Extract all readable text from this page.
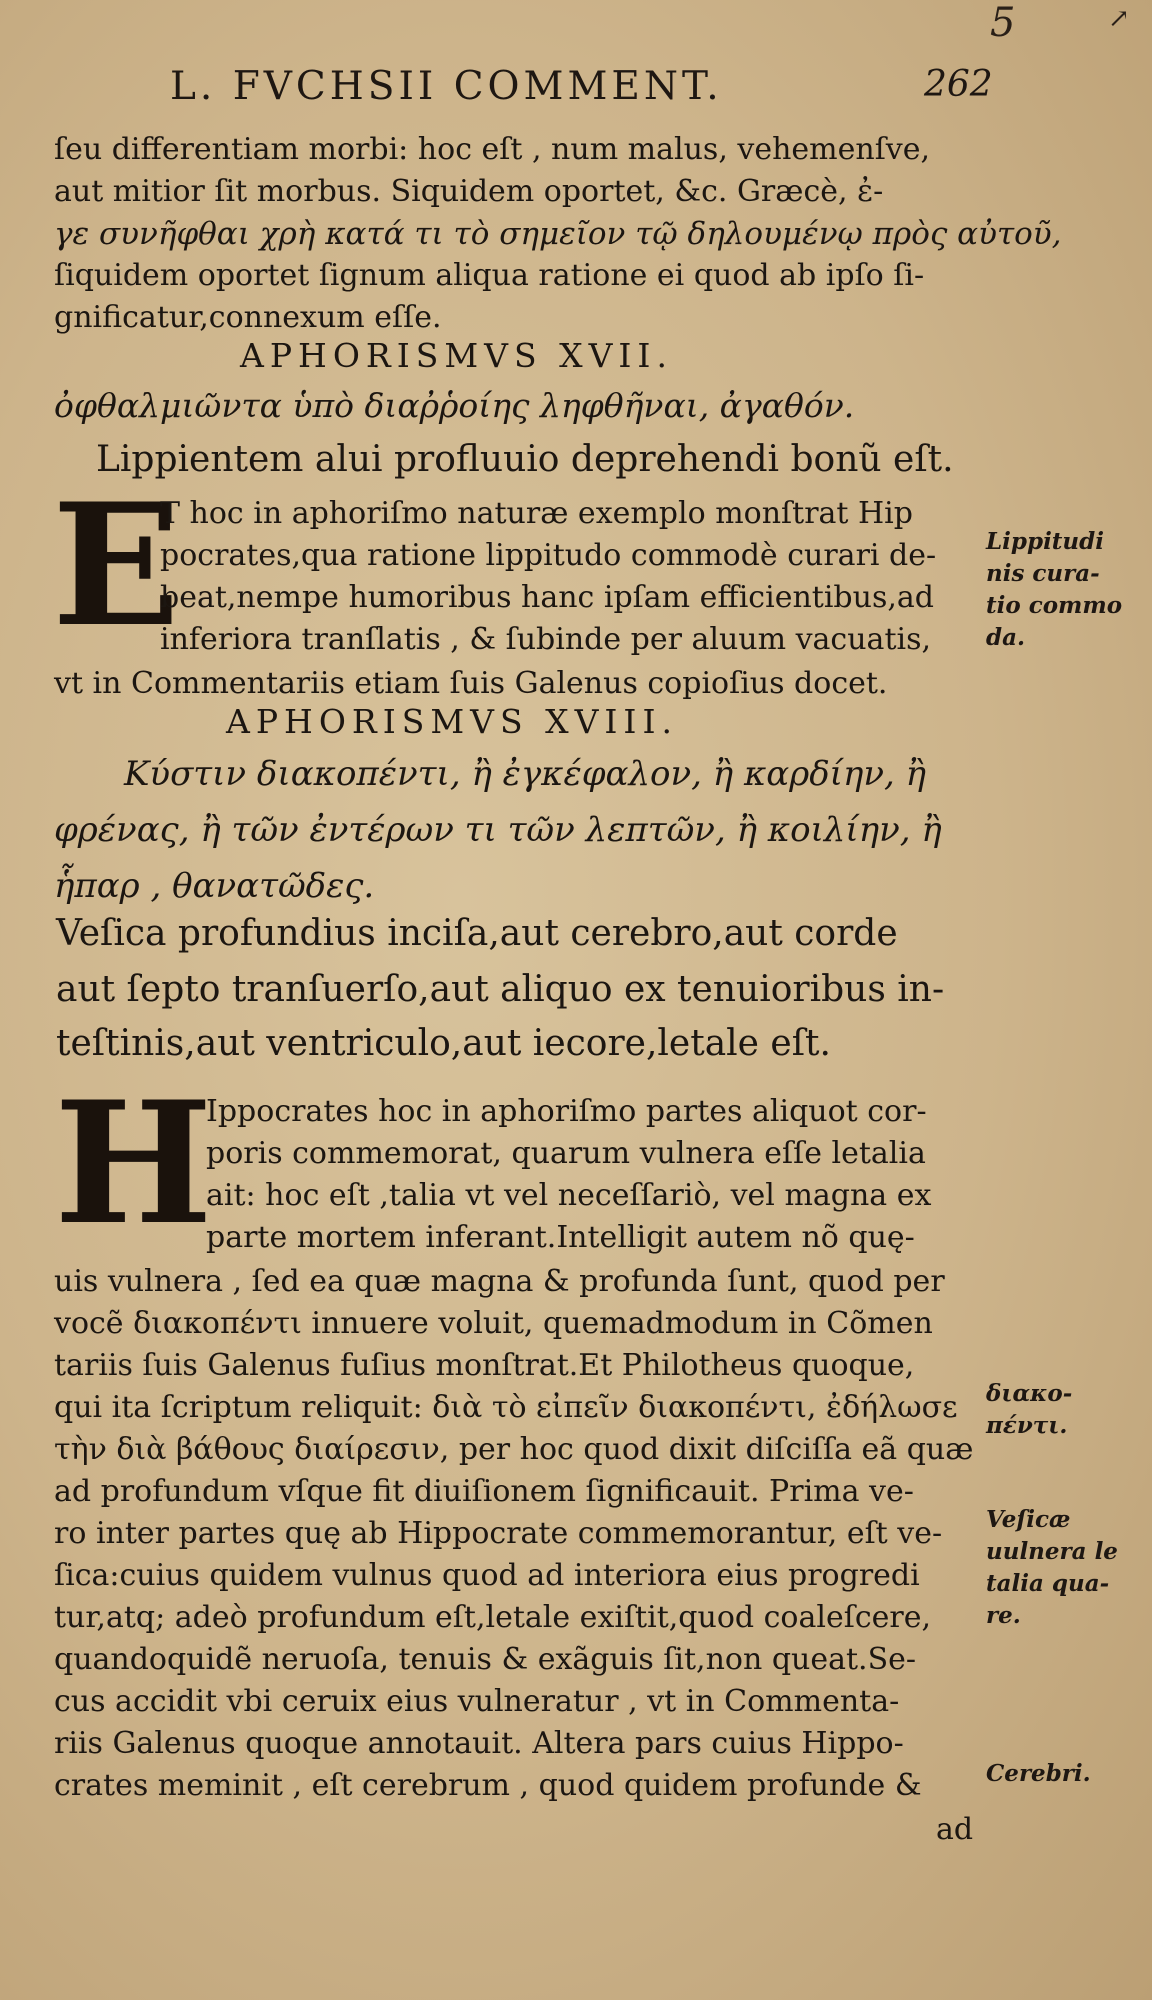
5	↗
L. FVCHSII COMMENT.	262
ſeu differentiam morbi: hoc eſt , num malus, vehemenſve,
aut mitior ſit morbus. Siquidem oportet, &c. Græcè, ἐ-
γε συνῆφθαι χρὴ κατά τι τὸ σημεῖον τῷ δηλουμένῳ πρὸς αὐτοῦ,
ſiquidem oportet ſignum aliqua ratione ei quod ab ipſo ſi-
gnificatur,connexum eſſe.
APHORISMVS XVII.
ὀφθαλμιῶντα ὑπὸ διαῤῥοίης ληφθῆναι, ἀγαθόν.
Lippientem alui profluuio deprehendi bonũ eſt.
E
T hoc in aphoriſmo naturæ exemplo monſtrat Hip
pocrates,qua ratione lippitudo commodè curari de-
beat,nempe humoribus hanc ipſam efficientibus,ad
inferiora tranſlatis , & ſubinde per aluum vacuatis,
vt in Commentariis etiam ſuis Galenus copioſius docet.
APHORISMVS XVIII.
Κύστιν διακοπέντι, ἢ ἐγκέφαλον, ἢ καρδίην, ἢ
φρένας, ἢ τῶν ἐντέρων τι τῶν λεπτῶν, ἢ κοιλίην, ἢ
ἧπαρ , θανατῶδες.
Veſica profundius inciſa,aut cerebro,aut corde
aut ſepto tranſuerſo,aut aliquo ex tenuioribus in-
teſtinis,aut ventriculo,aut iecore,letale eſt.
H
Ippocrates hoc in aphoriſmo partes aliquot cor-
poris commemorat, quarum vulnera eſſe letalia
ait: hoc eſt ,talia vt vel neceſſariò, vel magna ex
parte mortem inferant.Intelligit autem nõ quę-
uis vulnera , ſed ea quæ magna & profunda ſunt, quod per
vocẽ διακοπέντι innuere voluit, quemadmodum in Cõmen
tariis ſuis Galenus fuſius monſtrat.Et Philotheus quoque,
qui ita ſcriptum reliquit: διὰ τὸ εἰπεῖν διακοπέντι, ἐδήλωσε
τὴν διὰ βάθους διαίρεσιν, per hoc quod dixit diſciſſa eã quæ
ad profundum vſque fit diuiſionem ſignificauit. Prima ve-
ro inter partes quę ab Hippocrate commemorantur, eſt ve-
ſica:cuius quidem vulnus quod ad interiora eius progredi
tur,atq; adeò profundum eſt,letale exiſtit,quod coaleſcere,
quandoquidẽ neruoſa, tenuis & exãguis ſit,non queat.Se-
cus accidit vbi ceruix eius vulneratur , vt in Commenta-
riis Galenus quoque annotauit. Altera pars cuius Hippo-
crates meminit , eſt cerebrum , quod quidem profunde &
ad
Lippitudi
nis cura-
tio commo
da.
διακο-
πέντι.
Veſicæ
uulnera le
talia qua-
re.
Cerebri.
